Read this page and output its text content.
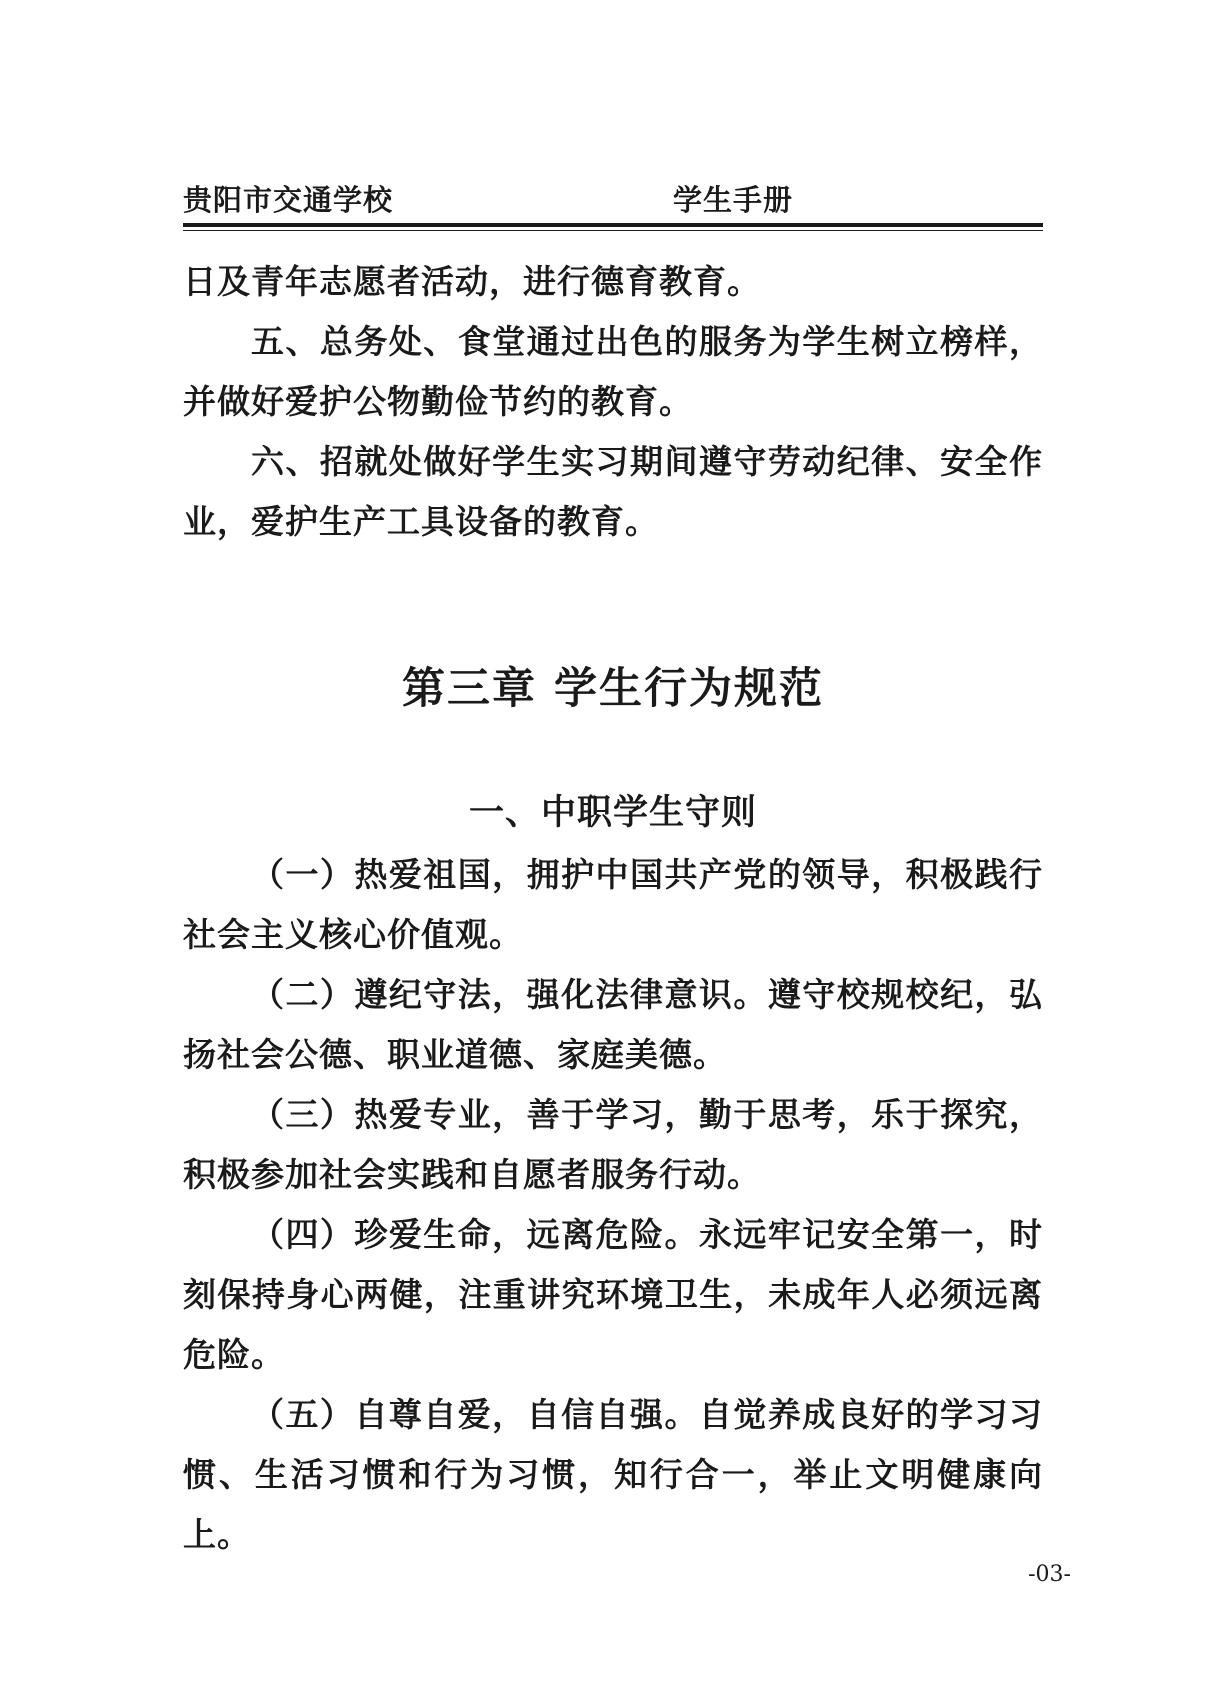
贵阳市交通学校	学生手册

日及青年志愿者活动，进行德育教育。

五、总务处、食堂通过出色的服务为学生树立榜样，并做好爱护公物勤俭节约的教育。

六、招就处做好学生实习期间遵守劳动纪律、安全作业，爱护生产工具设备的教育。

第三章 学生行为规范
一、中职学生守则

（一）热爱祖国，拥护中国共产党的领导，积极践行社会主义核心价值观。

（二）遵纪守法，强化法律意识。遵守校规校纪，弘扬社会公德、职业道德、家庭美德。

（三）热爱专业，善于学习，勤于思考，乐于探究，积极参加社会实践和自愿者服务行动。

（四）珍爱生命，远离危险。永远牢记安全第一，时刻保持身心两健，注重讲究环境卫生，未成年人必须远离危险。

（五）自尊自爱，自信自强。自觉养成良好的学习习惯、生活习惯和行为习惯，知行合一，举止文明健康向上。

-03-
